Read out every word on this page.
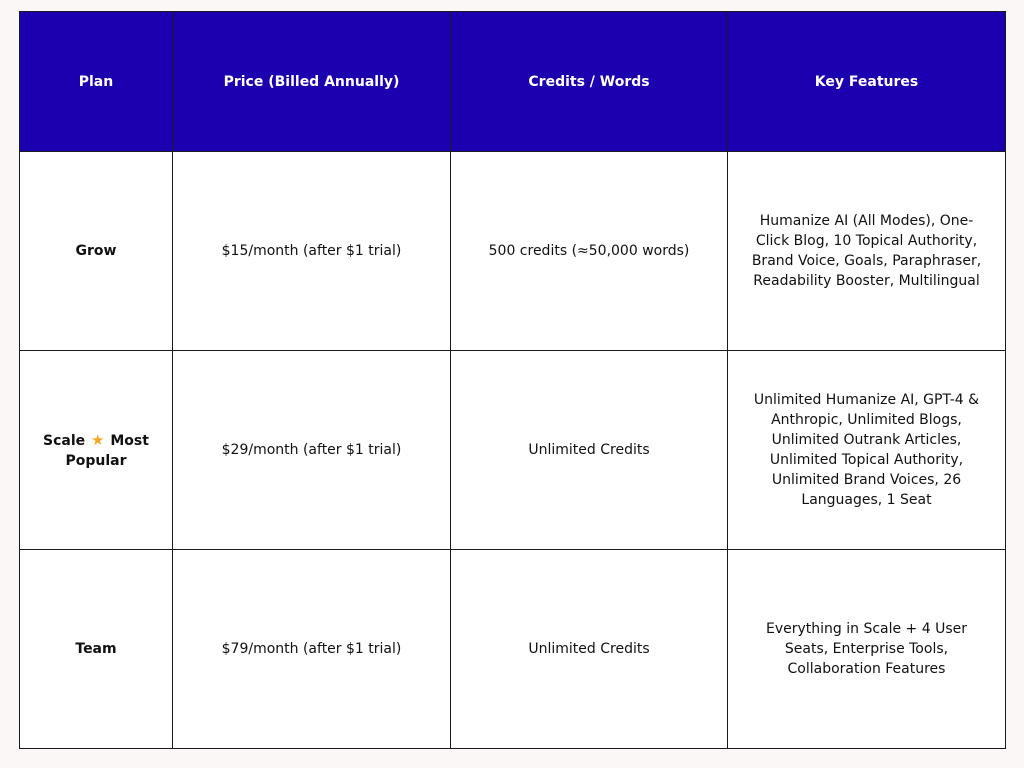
Plan	Price (Billed Annually)	Credits / Words	Key Features
Grow	$15/month (after $1 trial)	500 credits (≈50,000 words)	Humanize AI (All Modes), One-Click Blog, 10 Topical Authority, Brand Voice, Goals, Paraphraser, Readability Booster, Multilingual
Scale ★ Most Popular	$29/month (after $1 trial)	Unlimited Credits	Unlimited Humanize AI, GPT-4 & Anthropic, Unlimited Blogs, Unlimited Outrank Articles, Unlimited Topical Authority, Unlimited Brand Voices, 26 Languages, 1 Seat
Team	$79/month (after $1 trial)	Unlimited Credits	Everything in Scale + 4 User Seats, Enterprise Tools, Collaboration Features
